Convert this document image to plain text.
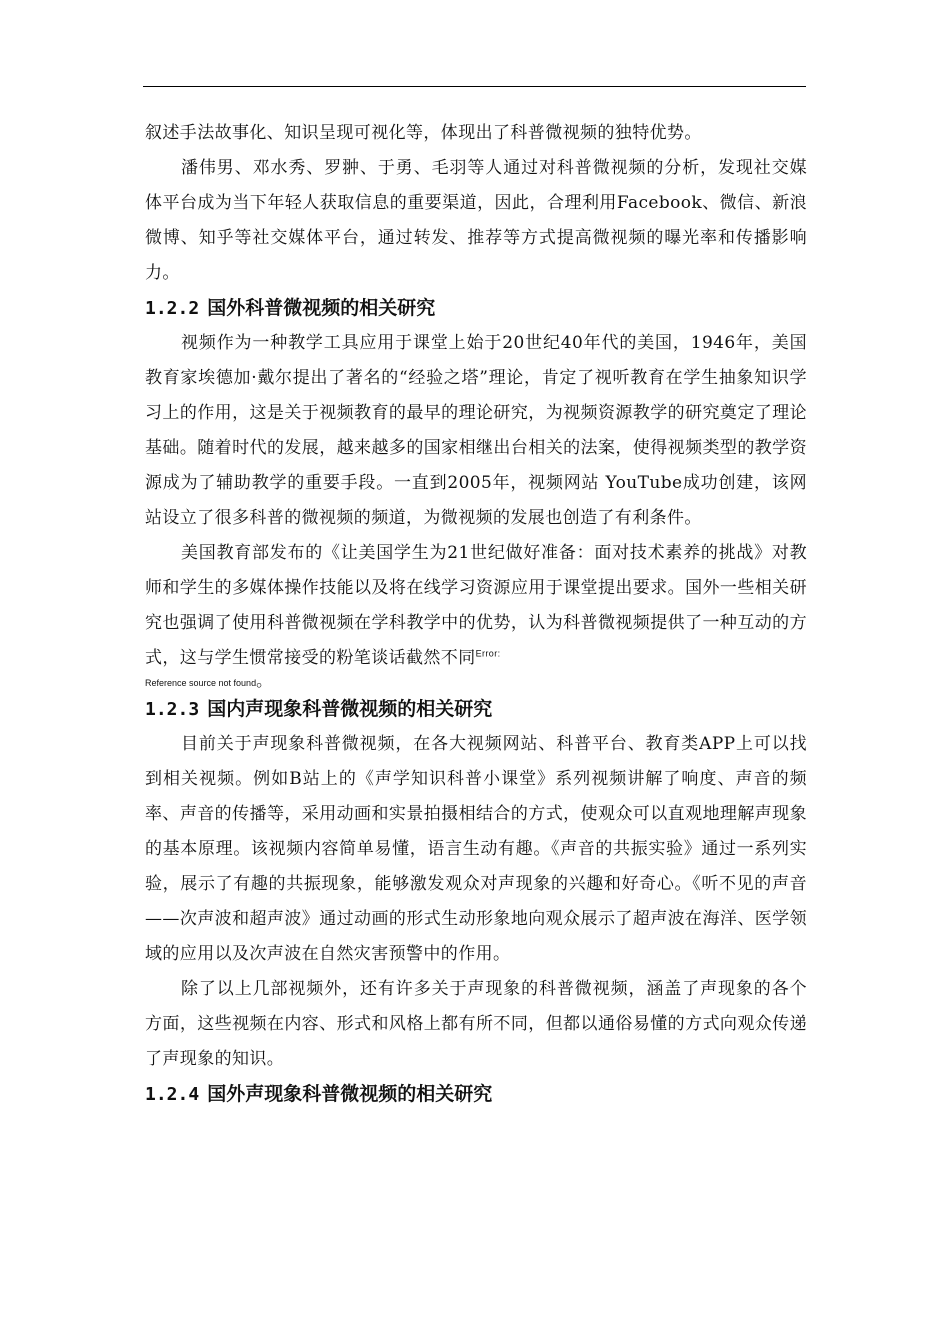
叙述手法故事化、知识呈现可视化等，体现出了科普微视频的独特优势。

潘伟男、邓水秀、罗翀、于勇、毛羽等人通过对科普微视频的分析，发现社交媒体平台成为当下年轻人获取信息的重要渠道，因此，合理利用Facebook、微信、新浪微博、知乎等社交媒体平台，通过转发、推荐等方式提高微视频的曝光率和传播影响力。

1.2.2 国外科普微视频的相关研究

视频作为一种教学工具应用于课堂上始于20世纪40年代的美国，1946年，美国教育家埃德加·戴尔提出了著名的“经验之塔”理论，肯定了视听教育在学生抽象知识学习上的作用，这是关于视频教育的最早的理论研究，为视频资源教学的研究奠定了理论基础。随着时代的发展，越来越多的国家相继出台相关的法案，使得视频类型的教学资源成为了辅助教学的重要手段。一直到2005年，视频网站 YouTube成功创建，该网站设立了很多科普的微视频的频道，为微视频的发展也创造了有利条件。

美国教育部发布的《让美国学生为21世纪做好准备：面对技术素养的挑战》对教师和学生的多媒体操作技能以及将在线学习资源应用于课堂提出要求。国外一些相关研究也强调了使用科普微视频在学科教学中的优势，认为科普微视频提供了一种互动的方式，这与学生惯常接受的粉笔谈话截然不同$^{Error:}$

Reference source not found。
1.2.3 国内声现象科普微视频的相关研究

目前关于声现象科普微视频，在各大视频网站、科普平台、教育类APP上可以找到相关视频。例如B站上的《声学知识科普小课堂》系列视频讲解了响度、声音的频率、声音的传播等，采用动画和实景拍摄相结合的方式，使观众可以直观地理解声现象的基本原理。该视频内容简单易懂，语言生动有趣。《声音的共振实验》通过一系列实验，展示了有趣的共振现象，能够激发观众对声现象的兴趣和好奇心。《听不见的声音——次声波和超声波》通过动画的形式生动形象地向观众展示了超声波在海洋、医学领域的应用以及次声波在自然灾害预警中的作用。

除了以上几部视频外，还有许多关于声现象的科普微视频，涵盖了声现象的各个方面，这些视频在内容、形式和风格上都有所不同，但都以通俗易懂的方式向观众传递了声现象的知识。

1.2.4 国外声现象科普微视频的相关研究
